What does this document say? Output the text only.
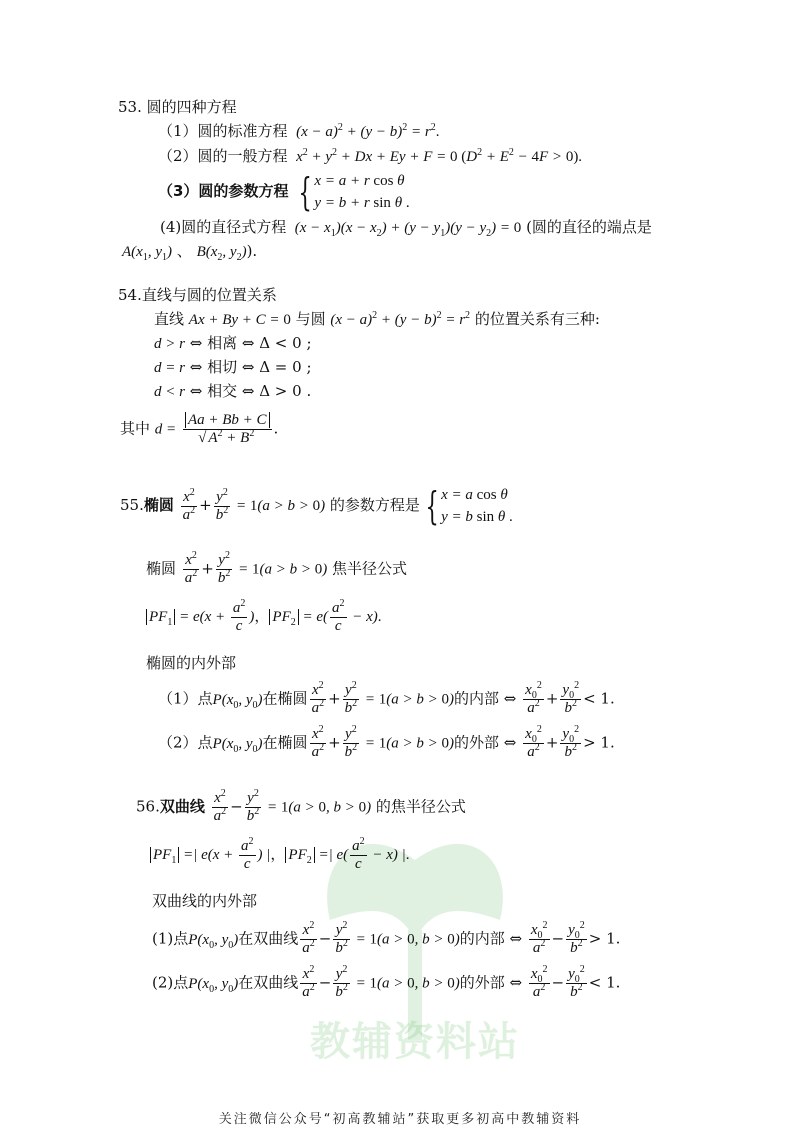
教辅资料站
53. 圆的四种方程
（1）圆的标准方程  $(x - a)^2 + (y - b)^2 = r^2$.
（2）圆的一般方程  $x^2 + y^2 + Dx + Ey + F = 0$ $(D^2 + E^2 - 4F > 0)$.
（3）圆的参数方程 { x = a + r cos θ
y = b + r sin θ .
(4)圆的直径式方程  $(x - x_1)(x - x_2) + (y - y_1)(y - y_2) = 0$ (圆的直径的端点是
$A(x_1$, $y_1$) 、 $B(x_2$, $y_2$)).
54.直线与圆的位置关系
直线 Ax + By + C = 0 与圆 $(x - a)^2 + (y - b)^2 = r^2$ 的位置关系有三种:
d > r ⇔ 相离 ⇔ Δ < 0 ;
d = r ⇔ 相切 ⇔ Δ = 0 ;
d < r ⇔ 相交 ⇔ Δ > 0 .
其中 $d = \frac{Aa + Bb + C}{√ A^2 + B^2}$ .
55.椭圆 $\frac{x^2}{a^2} + \frac{y^2}{b^2} = 1(a > b > 0)$ 的参数方程是 { x = a cos θ
y = b sin θ .
椭圆 $\frac{x^2}{a^2} + \frac{y^2}{b^2} = 1(a > b > 0)$ 焦半径公式
$PF_1 = e(x + \frac{a^2}{c}$ )， $PF_2 = e( \frac{a^2}{c} - x)$.
椭圆的内外部
（1）点$P(x_0$, $y_0$)在椭圆 $\frac{x^2}{a^2} + \frac{y^2}{b^2} = 1(a > b > 0)$的内部 ⇔ $\frac{x_0^2}{a^2} + \frac{y_0^2}{b^2} < 1$.
（2）点$P(x_0$, $y_0$)在椭圆 $\frac{x^2}{a^2} + \frac{y^2}{b^2} = 1(a > b > 0)$的外部 ⇔ $\frac{x_0^2}{a^2} + \frac{y_0^2}{b^2} > 1$.
56.双曲线 $\frac{x^2}{a^2} - \frac{y^2}{b^2} = 1(a > 0$, b > 0) 的焦半径公式
$PF_1$ =| $e(x + \frac{a^2}{c}$ ) |， $PF_2$ =| $e( \frac{a^2}{c} - x)$ |.
双曲线的内外部
(1)点$P(x_0$, $y_0$)在双曲线 $\frac{x^2}{a^2} - \frac{y^2}{b^2} = 1(a > 0$, b > 0)的内部 ⇔ $\frac{x_0^2}{a^2} - \frac{y_0^2}{b^2} > 1$.
(2)点$P(x_0$, $y_0$)在双曲线 $\frac{x^2}{a^2} - \frac{y^2}{b^2} = 1(a > 0$, b > 0)的外部 ⇔ $\frac{x_0^2}{a^2} - \frac{y_0^2}{b^2} < 1$.
关注微信公众号“初高教辅站”获取更多初高中教辅资料
